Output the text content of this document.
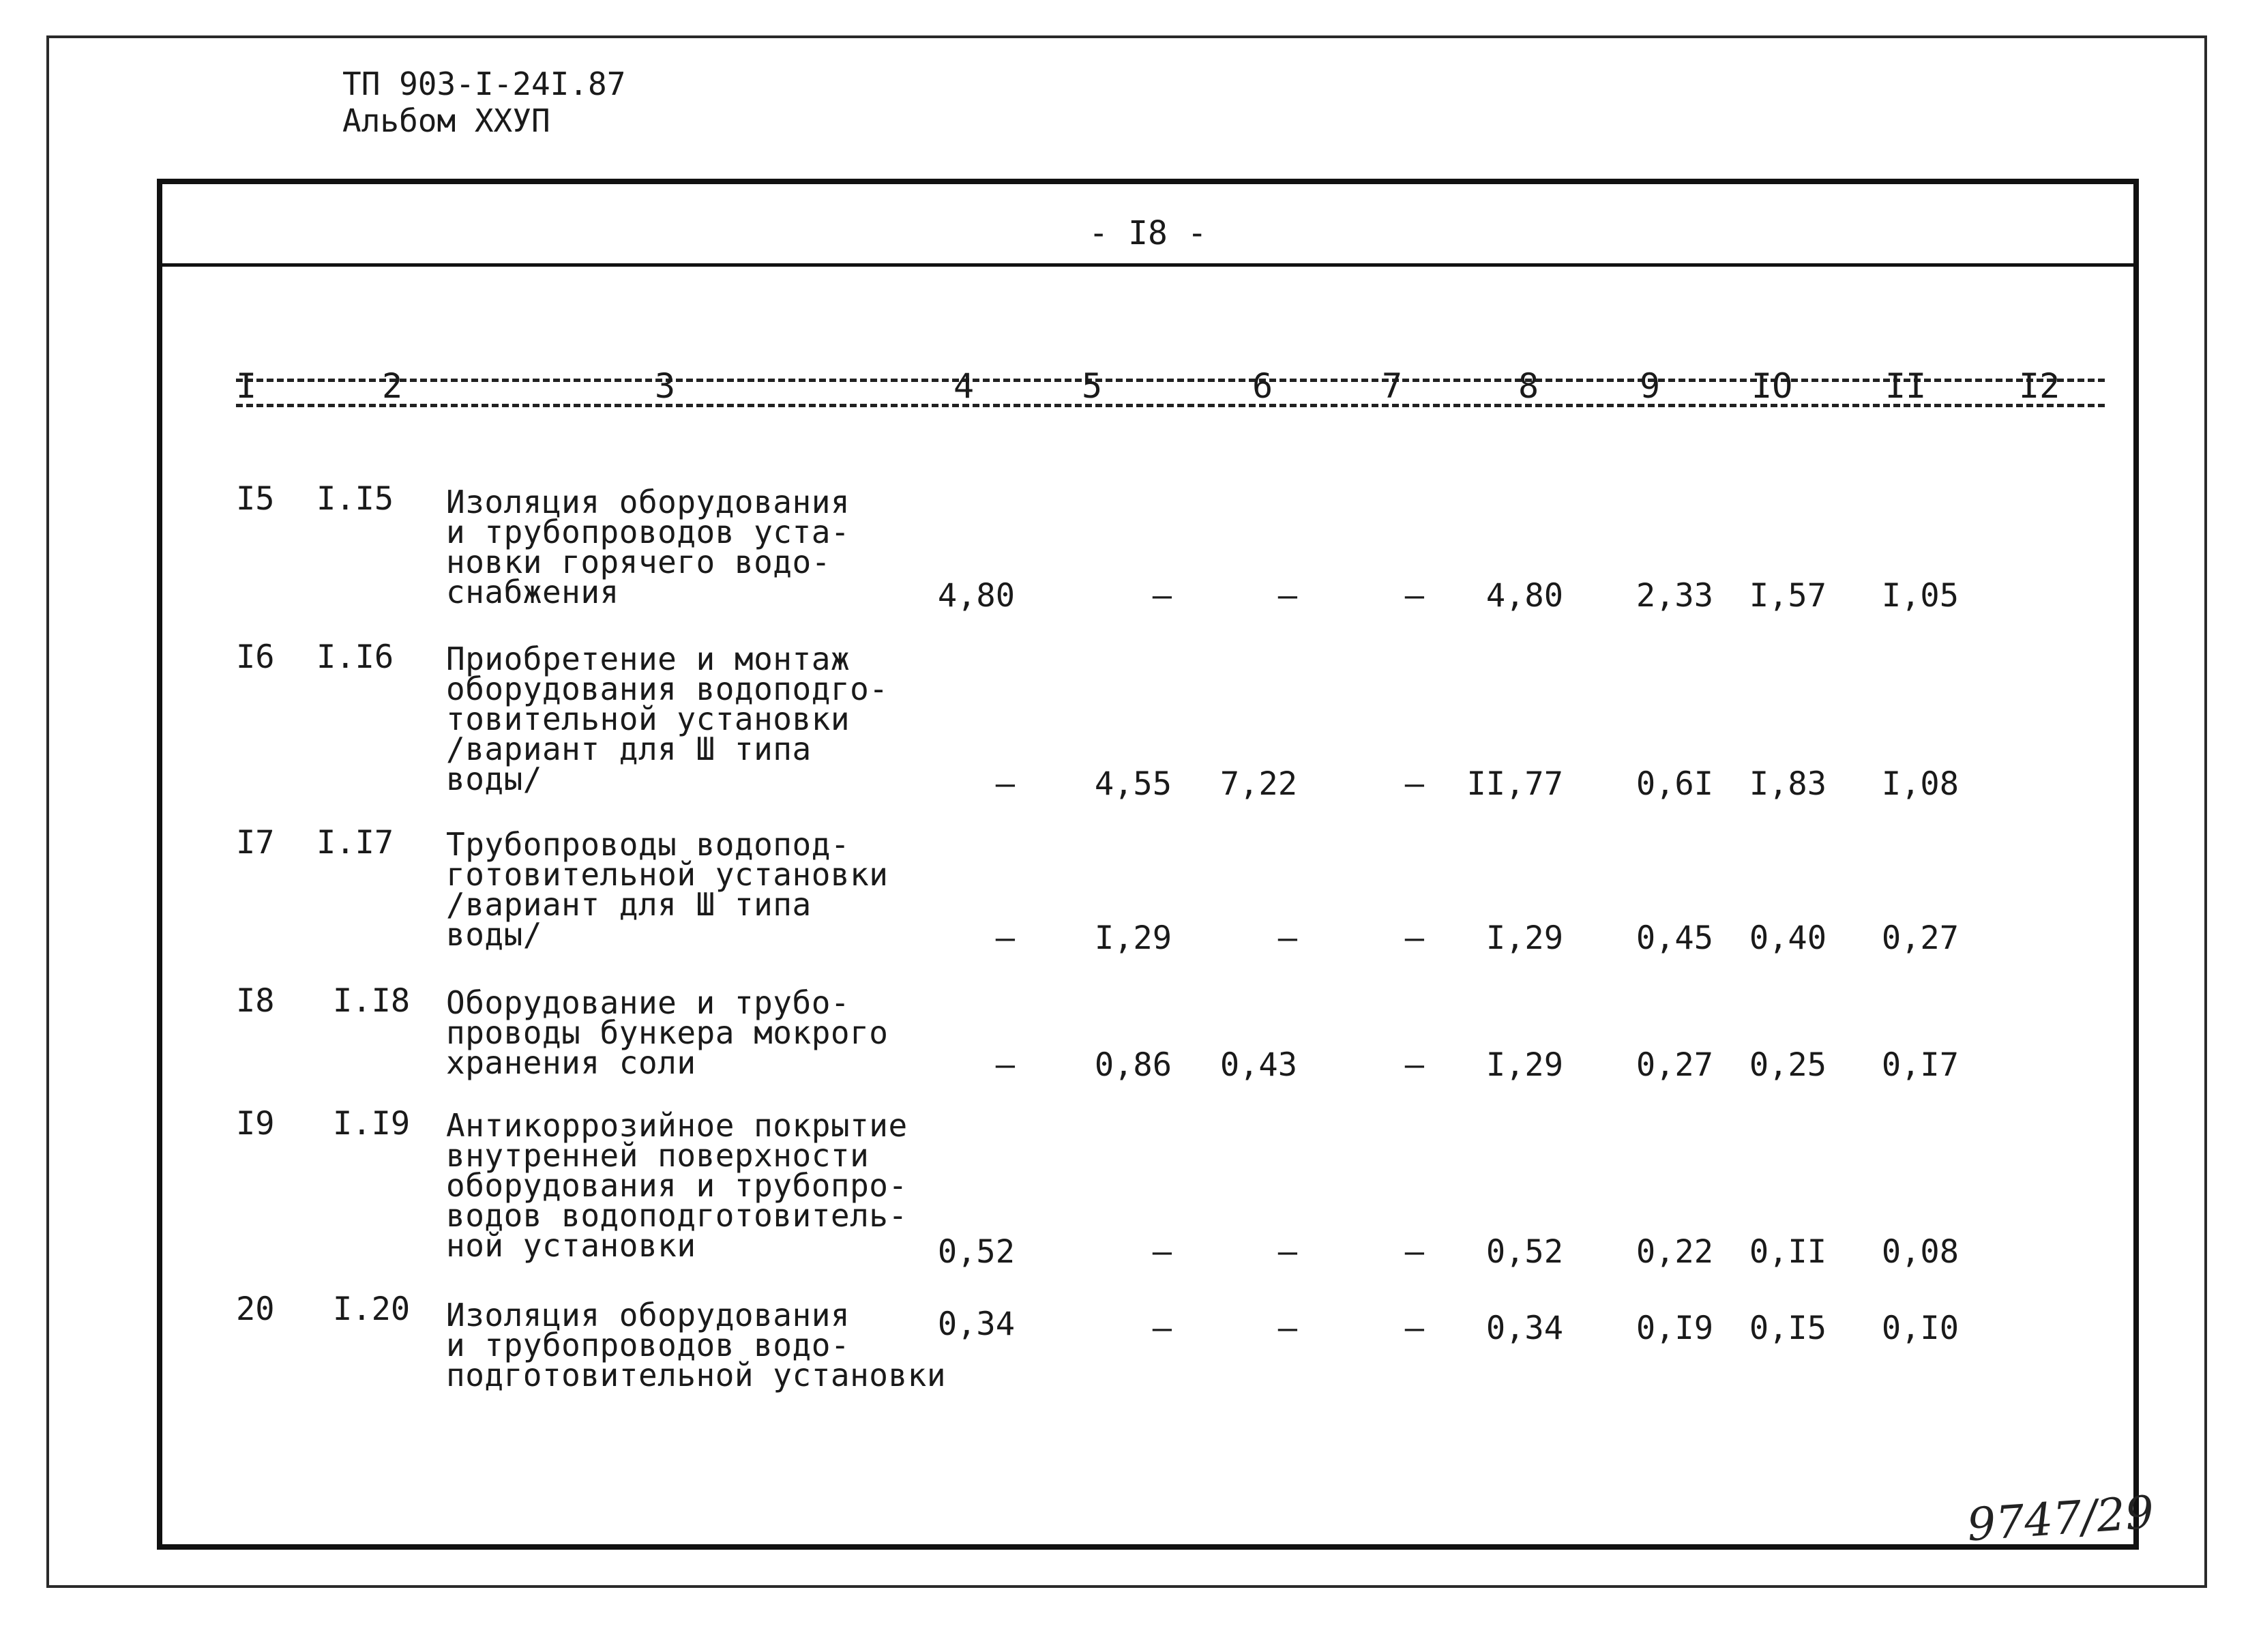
ТП 903-I-24I.87
Альбом ХХУП
- I8 -
I	2	3	4	5	6	7	8	9	IO	II	I2
I5 I.I5 Изоляция оборудования
и трубопроводов уста-
новки горячего водо-
снабжения	4,80	–	–	–	4,80	2,33	I,57	I,05
I6 I.I6 Приобретение и монтаж
оборудования водоподго-
товительной установки
/вариант для Ш типа
воды/	–	4,55	7,22	–	II,77	0,6I	I,83	I,08
I7 I.I7 Трубопроводы водопод-
готовительной установки
/вариант для Ш типа
воды/	–	I,29	–	–	I,29	0,45	0,40	0,27
I8 I.I8 Оборудование и трубо-
проводы бункера мокрого
хранения соли	–	0,86	0,43	–	I,29	0,27	0,25	0,I7
I9 I.I9 Антикоррозийное покрытие
внутренней поверхности
оборудования и трубопро-
водов водоподготовитель-
ной установки	0,52	–	–	–	0,52	0,22	0,II	0,08
20 I.20 Изоляция оборудования
и трубопроводов водо-
подготовительной установки
0,34	–	–	–	0,34	0,I9	0,I5	0,I0
9747/29
